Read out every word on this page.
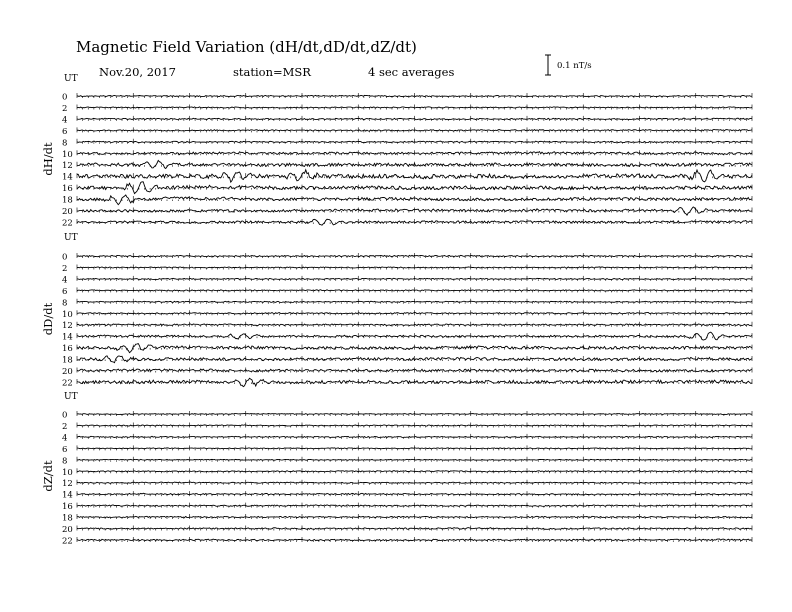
Magnetic Field Variation (dH/dt,dD/dt,dZ/dt)
Nov.20, 2017	station=MSR	4 sec averages	0.1 nT/s
UT
dH/dt
0
2
4
6
8
10
12
14
16
18
20
22
UT
dD/dt
0
2
4
6
8
10
12
14
16
18
20
22
UT
dZ/dt
0
2
4
6
8
10
12
14
16
18
20
22
